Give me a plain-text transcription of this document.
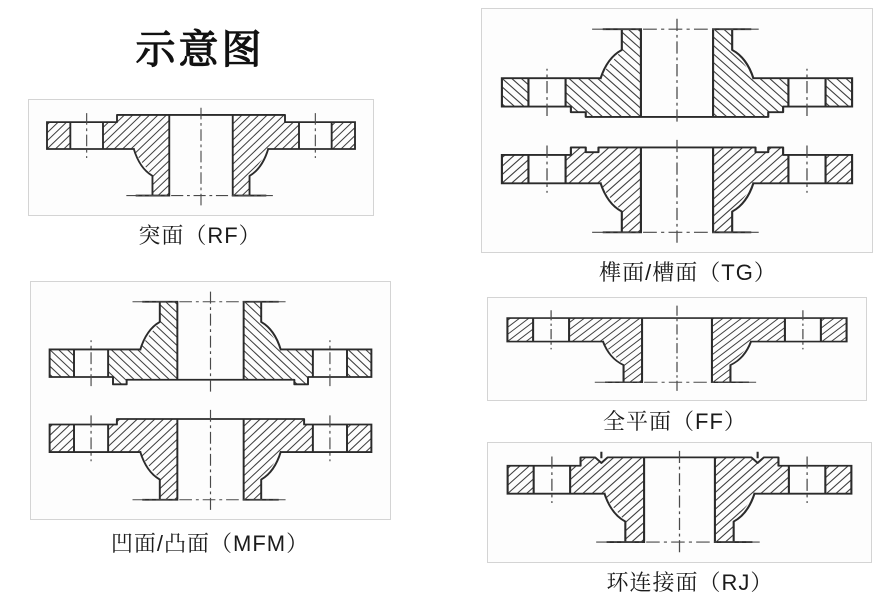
示意图
突面（RF）
凹面/凸面（MFM）
榫面/槽面（TG）
全平面（FF）
环连接面（RJ）
